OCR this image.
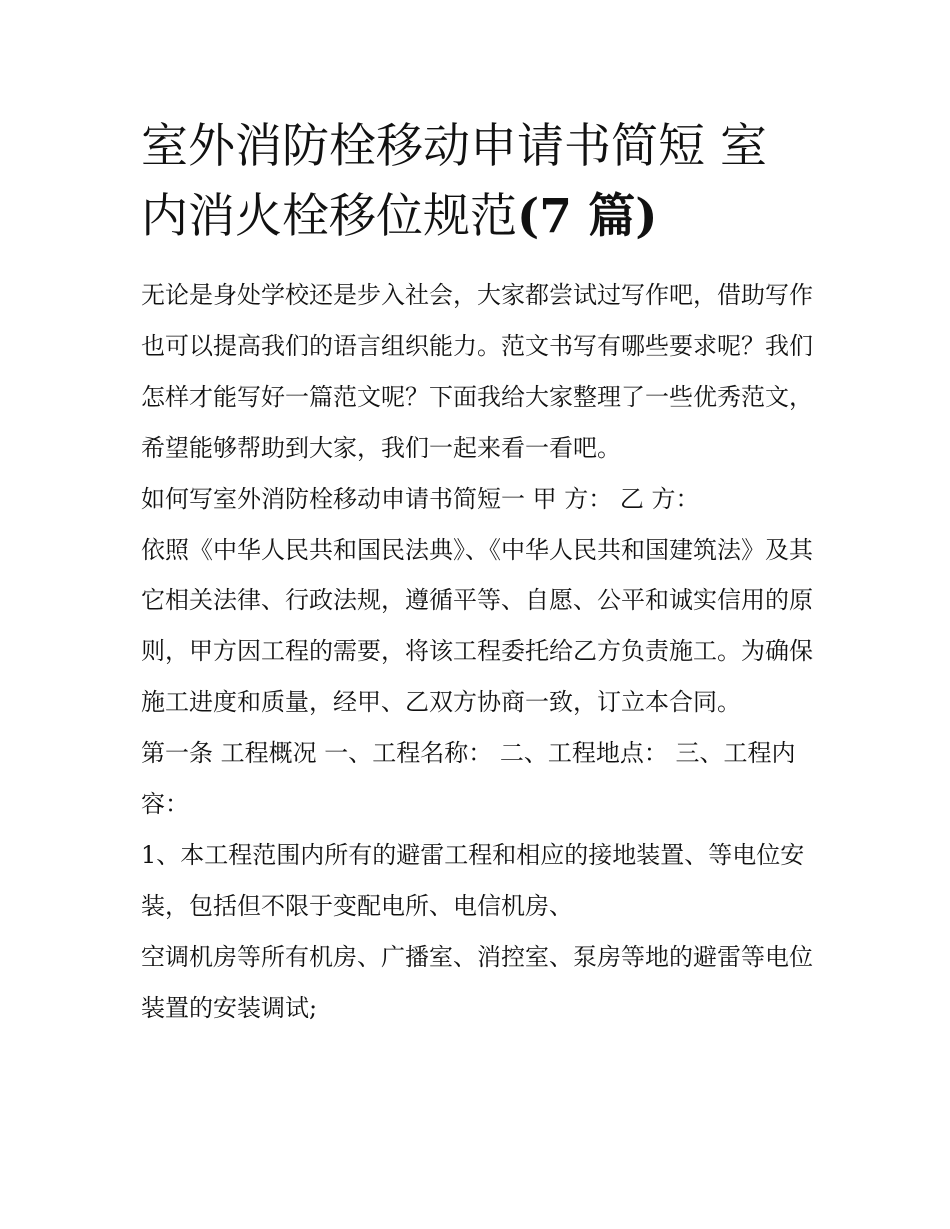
室外消防栓移动申请书简短 室内消火栓移位规范(7 篇)

无论是身处学校还是步入社会，大家都尝试过写作吧，借助写作也可以提高我们的语言组织能力。范文书写有哪些要求呢？我们怎样才能写好一篇范文呢？下面我给大家整理了一些优秀范文，希望能够帮助到大家，我们一起来看一看吧。

如何写室外消防栓移动申请书简短一 甲 方： 乙 方：

依照《中华人民共和国民法典》、《中华人民共和国建筑法》及其它相关法律、行政法规，遵循平等、自愿、公平和诚实信用的原则，甲方因工程的需要，将该工程委托给乙方负责施工。为确保施工进度和质量，经甲、乙双方协商一致，订立本合同。

第一条 工程概况 一、工程名称： 二、工程地点： 三、工程内容：

1、本工程范围内所有的避雷工程和相应的接地装置、等电位安装，包括但不限于变配电所、电信机房、

空调机房等所有机房、广播室、消控室、泵房等地的避雷等电位装置的安装调试;
